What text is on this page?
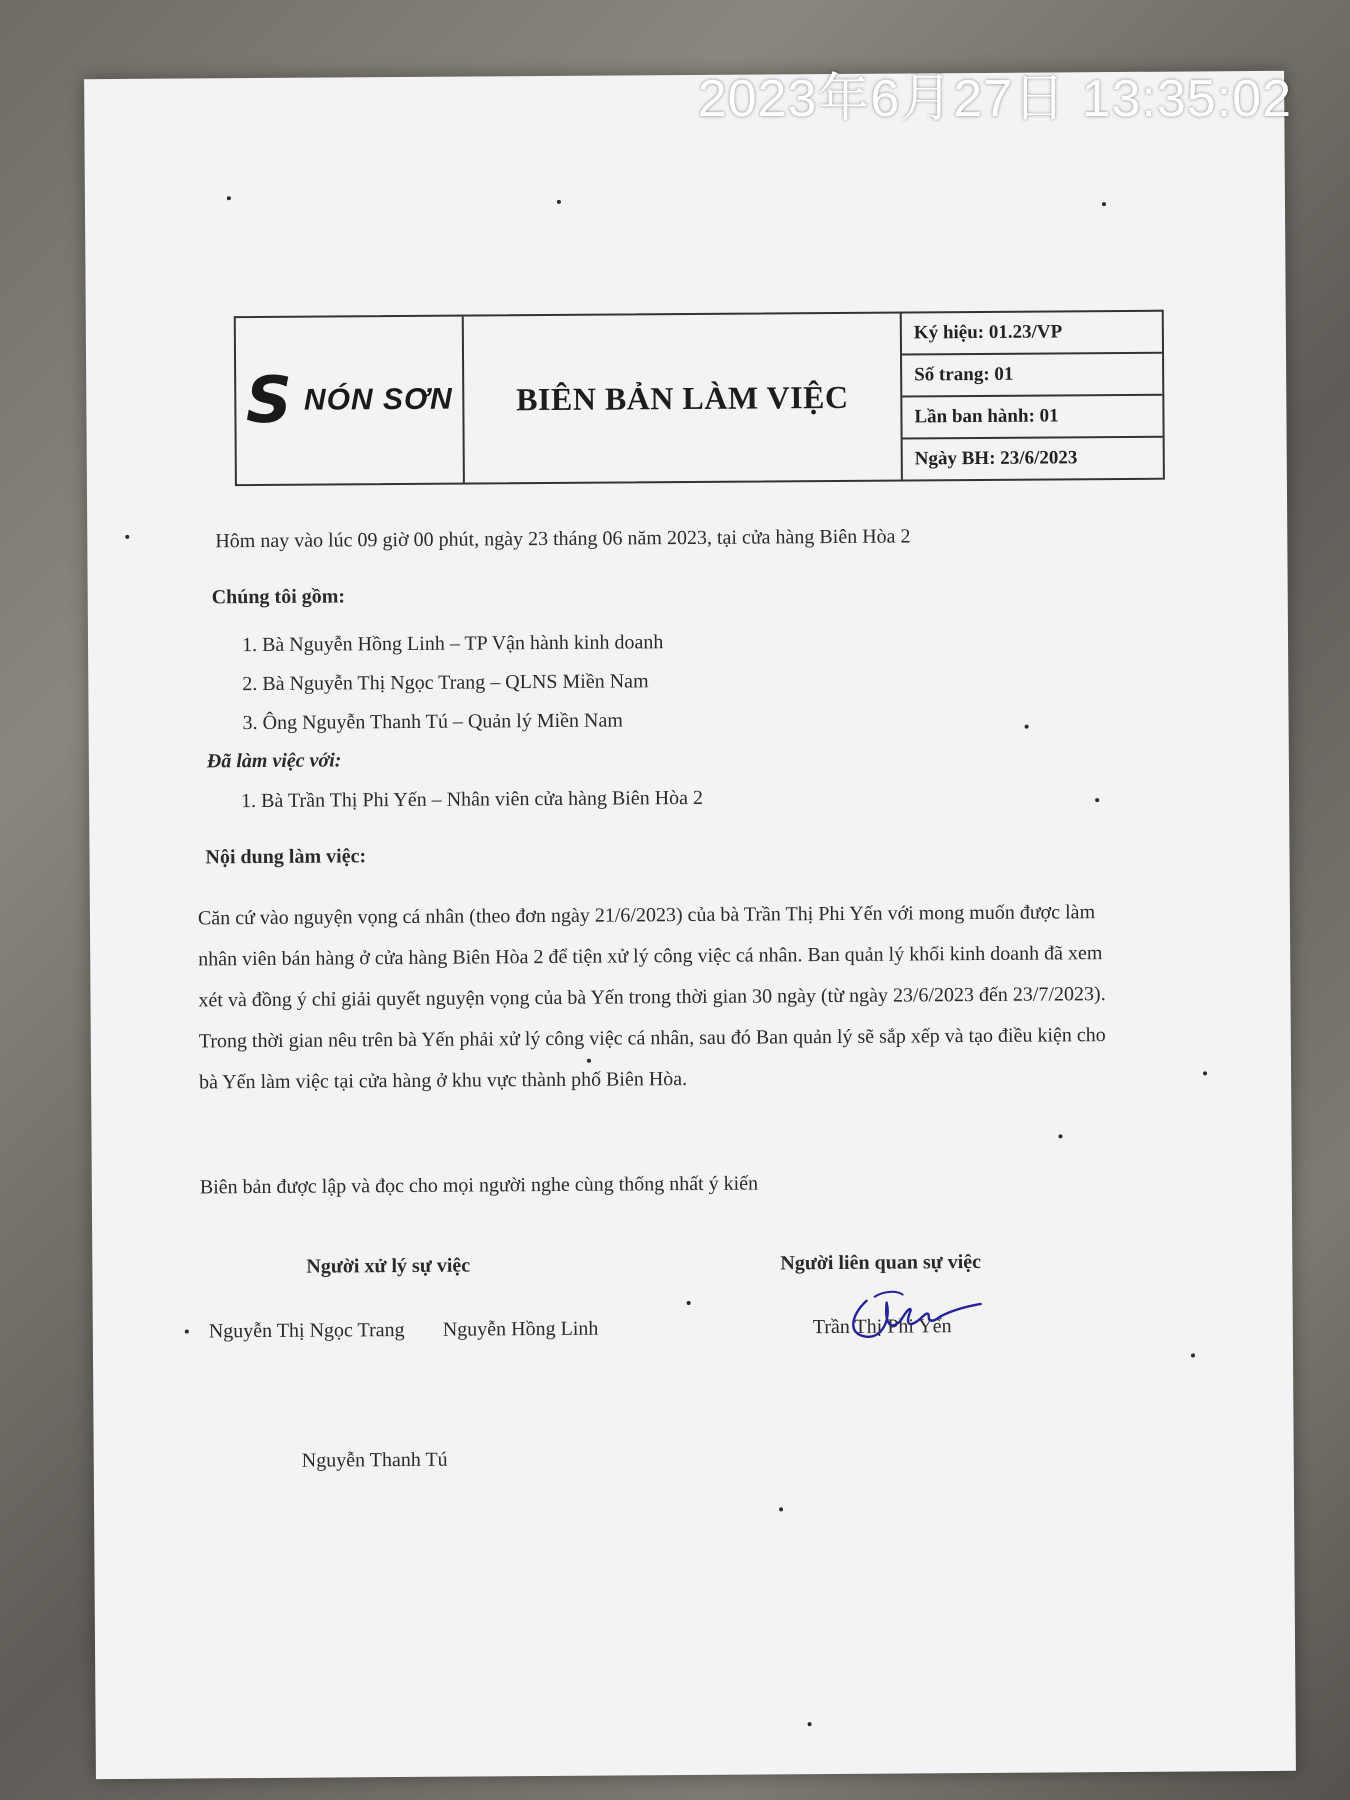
2023年6月27日 13:35:02
S NÓN SƠN BIÊN BẢN LÀM VIỆC
Ký hiệu: 01.23/VP
Số trang: 01
Lần ban hành: 01
Ngày BH: 23/6/2023
Hôm nay vào lúc 09 giờ 00 phút, ngày 23 tháng 06 năm 2023, tại cửa hàng Biên Hòa 2
Chúng tôi gồm:
1. Bà Nguyễn Hồng Linh – TP Vận hành kinh doanh
2. Bà Nguyễn Thị Ngọc Trang – QLNS Miền Nam
3. Ông Nguyễn Thanh Tú – Quản lý Miền Nam
Đã làm việc với:
1. Bà Trần Thị Phi Yến – Nhân viên cửa hàng Biên Hòa 2
Nội dung làm việc:
Căn cứ vào nguyện vọng cá nhân (theo đơn ngày 21/6/2023) của bà Trần Thị Phi Yến với mong muốn được làm nhân viên bán hàng ở cửa hàng Biên Hòa 2 để tiện xử lý công việc cá nhân. Ban quản lý khối kinh doanh đã xem xét và đồng ý chỉ giải quyết nguyện vọng của bà Yến trong thời gian 30 ngày (từ ngày 23/6/2023 đến 23/7/2023). Trong thời gian nêu trên bà Yến phải xử lý công việc cá nhân, sau đó Ban quản lý sẽ sắp xếp và tạo điều kiện cho bà Yến làm việc tại cửa hàng ở khu vực thành phố Biên Hòa.
Biên bản được lập và đọc cho mọi người nghe cùng thống nhất ý kiến
Người xử lý sự việc	Người liên quan sự việc
Nguyễn Thị Ngọc Trang Nguyễn Hồng Linh	Trần Thị Phi Yến
Nguyễn Thanh Tú
